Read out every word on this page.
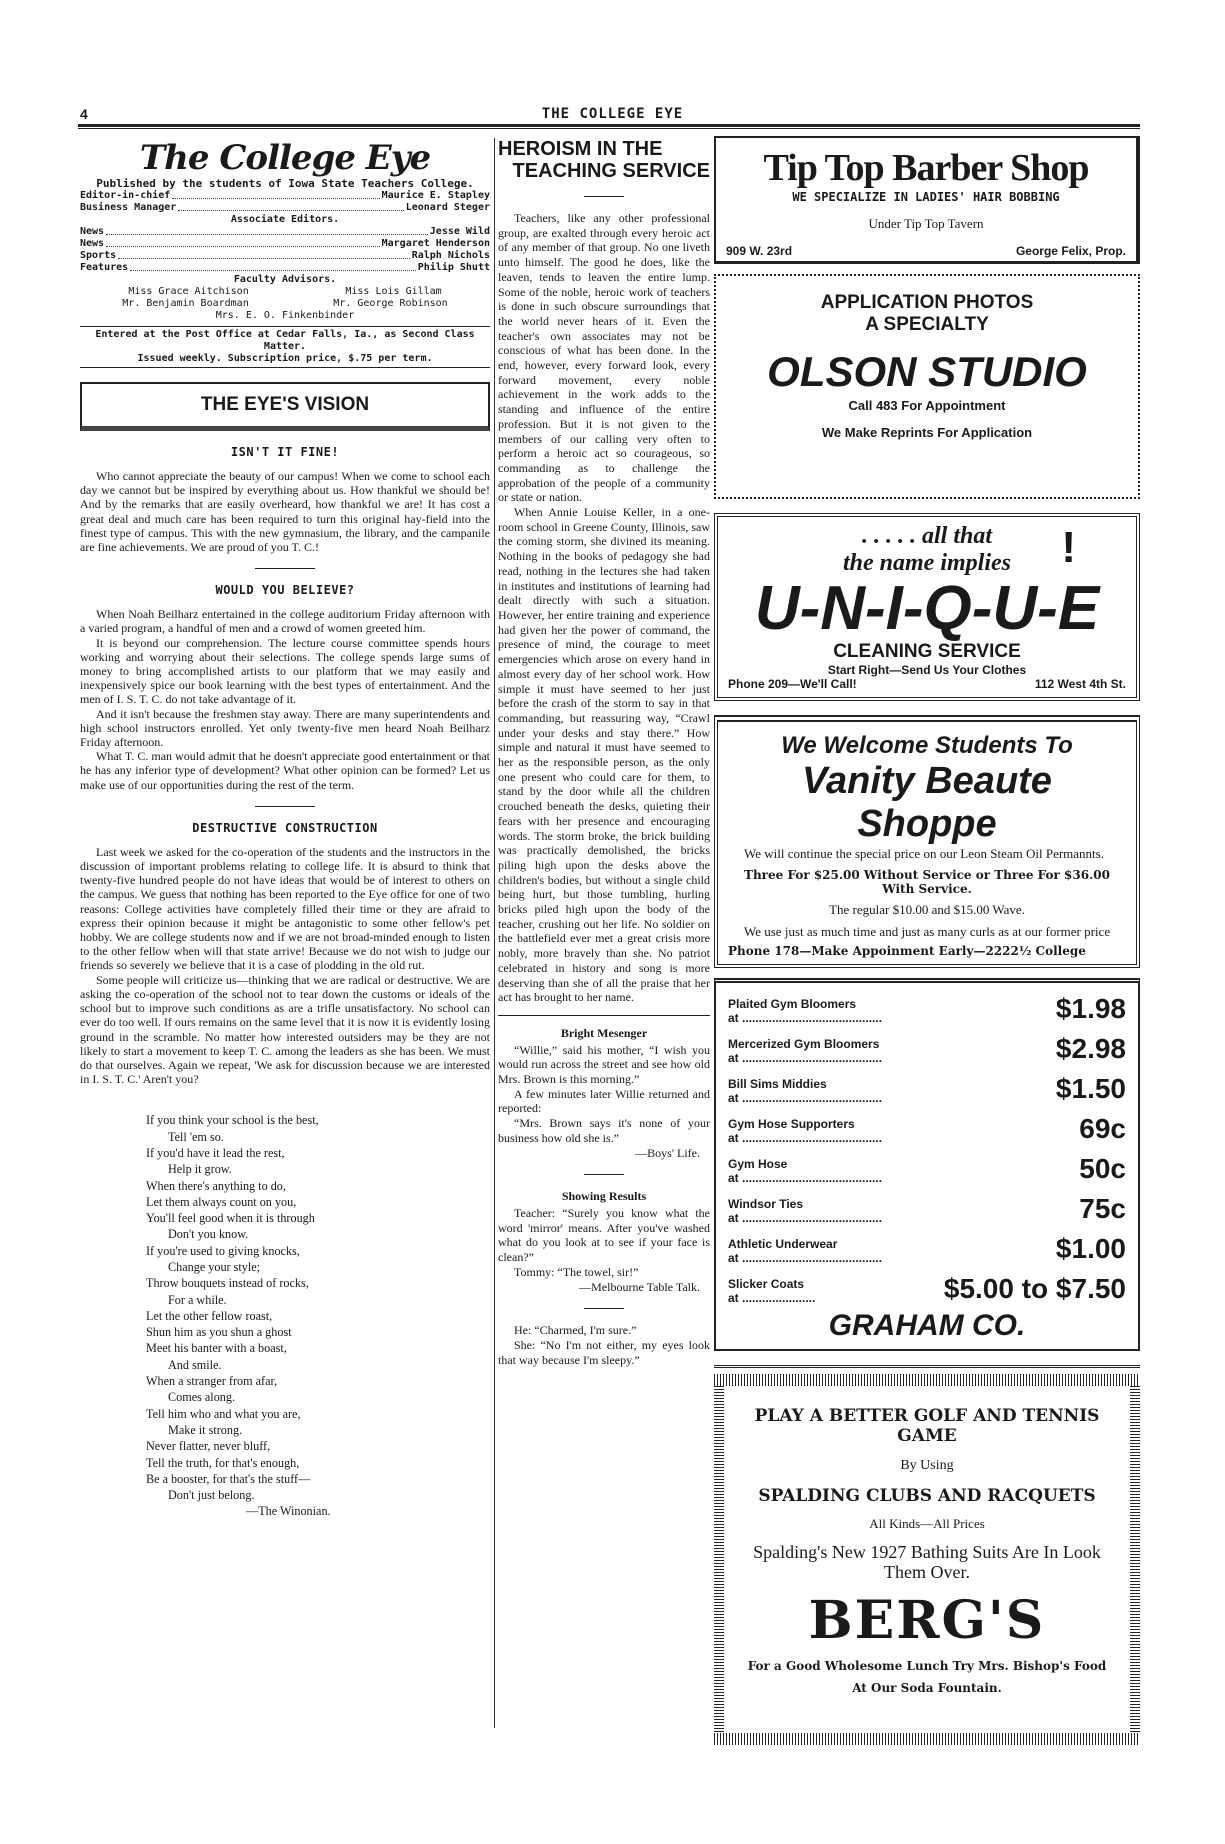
4	THE COLLEGE EYE
The College Eye
Published by the students of Iowa State Teachers College.
Editor-in-chief	Maurice E. Stapley
Business Manager	Leonard Steger
Associate Editors.
News	Jesse Wild
News	Margaret Henderson
Sports	Ralph Nichols
Features	Philip Shutt
Faculty Advisors.
Miss Grace Aitchison	Miss Lois Gillam
Mr. Benjamin Boardman	Mr. George Robinson
Mrs. E. O. Finkenbinder
Entered at the Post Office at Cedar Falls, Ia., as Second Class Matter.
Issued weekly. Subscription price, $.75 per term.
THE EYE'S VISION
ISN'T IT FINE!

Who cannot appreciate the beauty of our campus! When we come to school each day we cannot but be inspired by everything about us. How thankful we should be! And by the remarks that are easily overheard, how thankful we are! It has cost a great deal and much care has been required to turn this original hay-field into the finest type of campus. This with the new gymnasium, the library, and the campanile are fine achievements. We are proud of you T. C.!

WOULD YOU BELIEVE?

When Noah Beilharz entertained in the college auditorium Friday afternoon with a varied program, a handful of men and a crowd of women greeted him.

It is beyond our comprehension. The lecture course committee spends hours working and worrying about their selections. The college spends large sums of money to bring accomplished artists to our platform that we may easily and inexpensively spice our book learning with the best types of entertainment. And the men of I. S. T. C. do not take advantage of it.

And it isn't because the freshmen stay away. There are many superintendents and high school instructors enrolled. Yet only twenty-five men heard Noah Beilharz Friday afternoon.

What T. C. man would admit that he doesn't appreciate good entertainment or that he has any inferior type of development? What other opinion can be formed? Let us make use of our opportunities during the rest of the term.

DESTRUCTIVE CONSTRUCTION

Last week we asked for the co-operation of the students and the instructors in the discussion of important problems relating to college life. It is absurd to think that twenty-five hundred people do not have ideas that would be of interest to others on the campus. We guess that nothing has been reported to the Eye office for one of two reasons: College activities have completely filled their time or they are afraid to express their opinion because it might be antagonistic to some other fellow's pet hobby. We are college students now and if we are not broad-minded enough to listen to the other fellow when will that state arrive! Because we do not wish to judge our friends so severely we believe that it is a case of plodding in the old rut.

Some people will criticize us—thinking that we are radical or destructive. We are asking the co-operation of the school not to tear down the customs or ideals of the school but to improve such conditions as are a trifle unsatisfactory. No school can ever do too well. If ours remains on the same level that it is now it is evidently losing ground in the scramble. No matter how interested outsiders may be they are not likely to start a movement to keep T. C. among the leaders as she has been. We must do that ourselves. Again we repeat, 'We ask for discussion because we are interested in I. S. T. C.' Aren't you?

If you think your school is the best,
Tell 'em so.
If you'd have it lead the rest,
Help it grow.
When there's anything to do,
Let them always count on you,
You'll feel good when it is through
Don't you know.
If you're used to giving knocks,
Change your style;
Throw bouquets instead of rocks,
For a while.
Let the other fellow roast,
Shun him as you shun a ghost
Meet his banter with a boast,
And smile.
When a stranger from afar,
Comes along.
Tell him who and what you are,
Make it strong.
Never flatter, never bluff,
Tell the truth, for that's enough,
Be a booster, for that's the stuff—
Don't just belong.
—The Winonian.
HEROISM IN THE
TEACHING SERVICE

Teachers, like any other professional group, are exalted through every heroic act of any member of that group. No one liveth unto himself. The good he does, like the leaven, tends to leaven the entire lump. Some of the noble, heroic work of teachers is done in such obscure surroundings that the world never hears of it. Even the teacher's own associates may not be conscious of what has been done. In the end, however, every forward look, every forward movement, every noble achievement in the work adds to the standing and influence of the entire profession. But it is not given to the members of our calling very often to perform a heroic act so courageous, so commanding as to challenge the approbation of the people of a community or state or nation.

When Annie Louise Keller, in a one-room school in Greene County, Illinois, saw the coming storm, she divined its meaning. Nothing in the books of pedagogy she had read, nothing in the lectures she had taken in institutes and institutions of learning had dealt directly with such a situation. However, her entire training and experience had given her the power of command, the presence of mind, the courage to meet emergencies which arose on every hand in almost every day of her school work. How simple it must have seemed to her just before the crash of the storm to say in that commanding, but reassuring way, “Crawl under your desks and stay there.” How simple and natural it must have seemed to her as the responsible person, as the only one present who could care for them, to stand by the door while all the children crouched beneath the desks, quieting their fears with her presence and encouraging words. The storm broke, the brick building was practically demolished, the bricks piling high upon the desks above the children's bodies, but without a single child being hurt, but those tumbling, hurling bricks piled high upon the body of the teacher, crushing out her life. No soldier on the battlefield ever met a great crisis more nobly, more bravely than she. No patriot celebrated in history and song is more deserving than she of all the praise that her act has brought to her name.

Bright Mesenger

“Willie,” said his mother, “I wish you would run across the street and see how old Mrs. Brown is this morning.”

A few minutes later Willie returned and reported:

“Mrs. Brown says it's none of your business how old she is.”

—Boys' Life.
Showing Results

Teacher: “Surely you know what the word 'mirror' means. After you've washed what do you look at to see if your face is clean?”

Tommy: “The towel, sir!”

—Melbourne Table Talk.

He: “Charmed, I'm sure.”

She: “No I'm not either, my eyes look that way because I'm sleepy.”

Tip Top Barber Shop
WE SPECIALIZE IN LADIES' HAIR BOBBING
Under Tip Top Tavern
909 W. 23rd	George Felix, Prop.
APPLICATION PHOTOS
A SPECIALTY
OLSON STUDIO
Call 483 For Appointment
We Make Reprints For Application
. . . . . all that
the name implies	!
U-N-I-Q-U-E
CLEANING SERVICE
Start Right—Send Us Your Clothes
Phone 209—We'll Call!	112 West 4th St.
We Welcome Students To
Vanity Beaute Shoppe

We will continue the special price on our Leon Steam Oil Permannts.

Three For $25.00 Without Service or Three For $36.00 With Service.
The regular $10.00 and $15.00 Wave.

We use just as much time and just as many curls as at our former price

Phone 178—Make Appoinment Early—2222½ College
Plaited Gym Bloomers
at ..........................................	$1.98
Mercerized Gym Bloomers
at ..........................................	$2.98
Bill Sims Middies
at ..........................................	$1.50
Gym Hose Supporters
at ..........................................	69c
Gym Hose
at ..........................................	50c
Windsor Ties
at ..........................................	75c
Athletic Underwear
at ..........................................	$1.00
Slicker Coats
at ......................	$5.00 to $7.50
GRAHAM CO.
PLAY A BETTER GOLF AND TENNIS GAME
By Using
SPALDING CLUBS AND RACQUETS
All Kinds—All Prices
Spalding's New 1927 Bathing Suits Are In Look Them Over.
BERG'S
For a Good Wholesome Lunch Try Mrs. Bishop's Food
At Our Soda Fountain.
